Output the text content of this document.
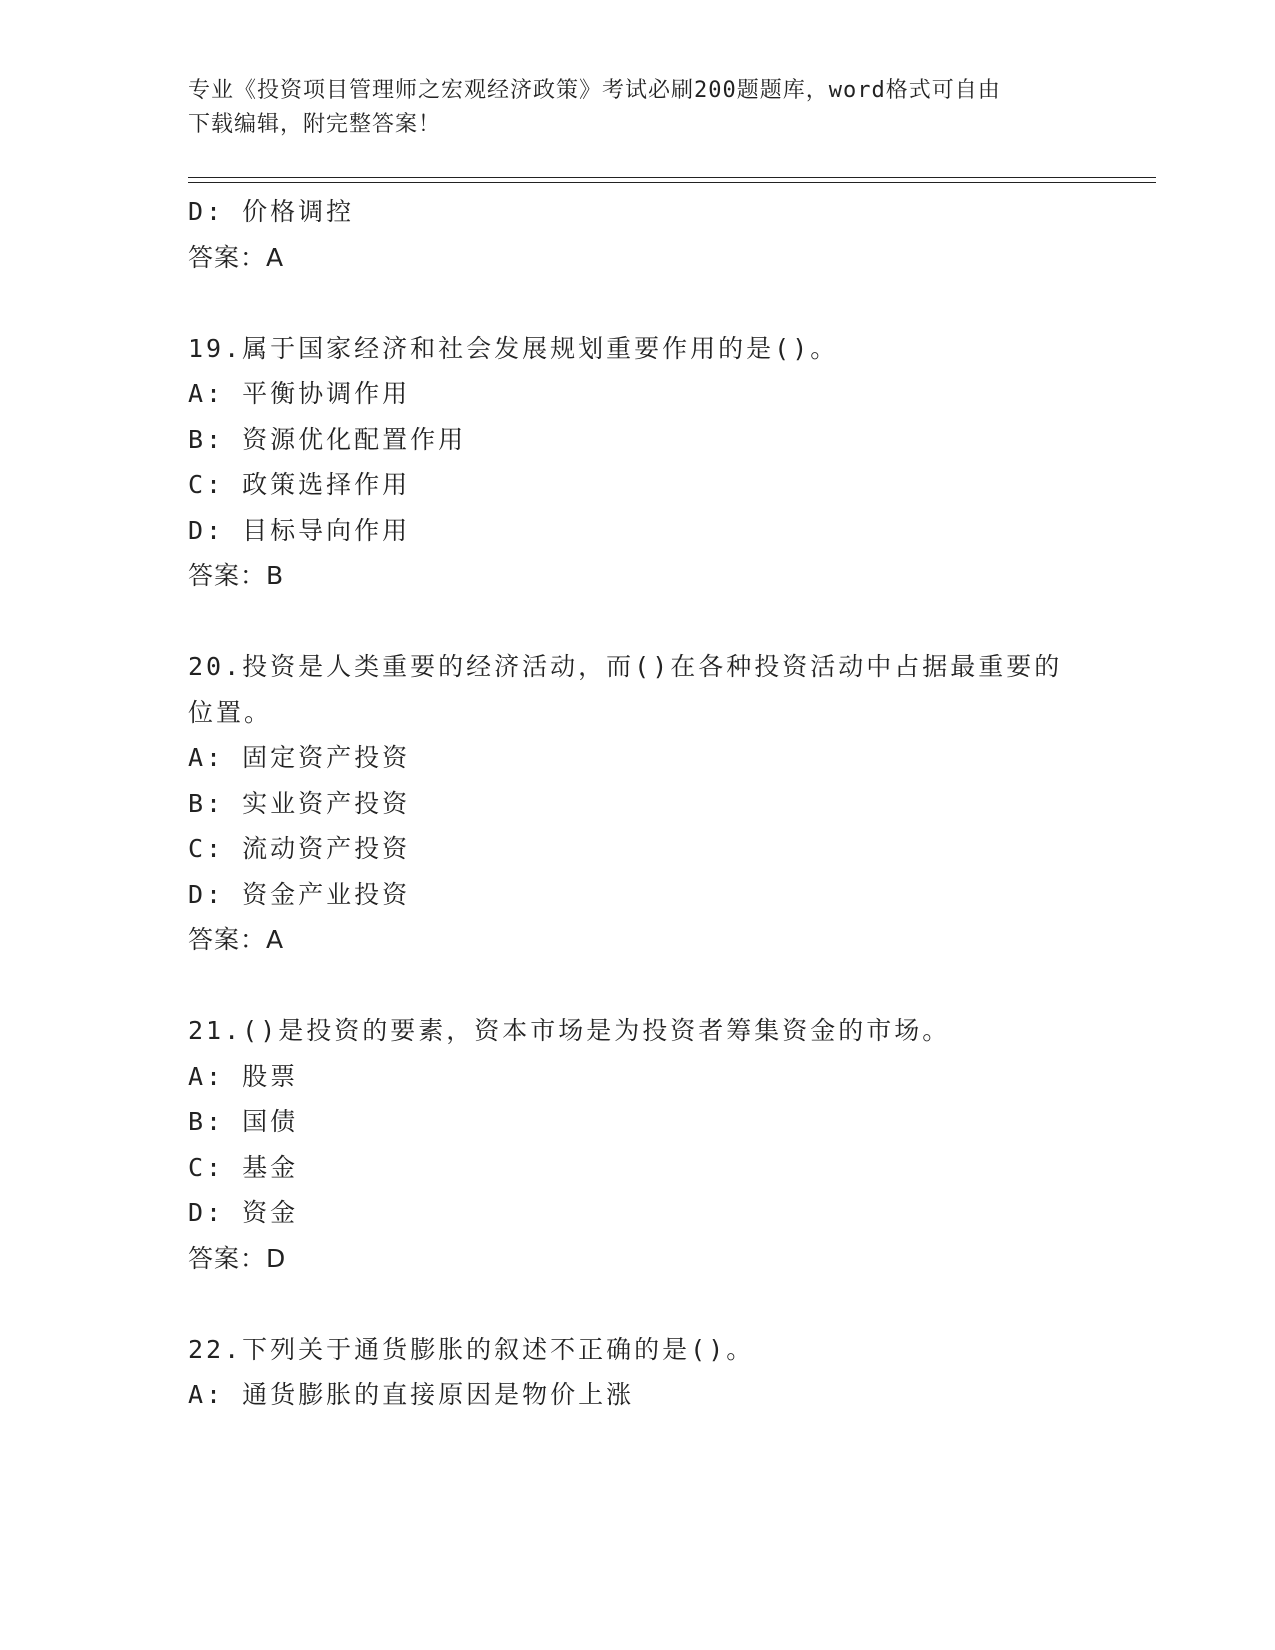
专业《投资项目管理师之宏观经济政策》考试必刷200题题库，word格式可自由
下载编辑，附完整答案！
D: 价格调控
答案：A
19.属于国家经济和社会发展规划重要作用的是()。
A: 平衡协调作用
B: 资源优化配置作用
C: 政策选择作用
D: 目标导向作用
答案：B
20.投资是人类重要的经济活动，而()在各种投资活动中占据最重要的
位置。
A: 固定资产投资
B: 实业资产投资
C: 流动资产投资
D: 资金产业投资
答案：A
21.()是投资的要素，资本市场是为投资者筹集资金的市场。
A: 股票
B: 国债
C: 基金
D: 资金
答案：D
22.下列关于通货膨胀的叙述不正确的是()。
A: 通货膨胀的直接原因是物价上涨
